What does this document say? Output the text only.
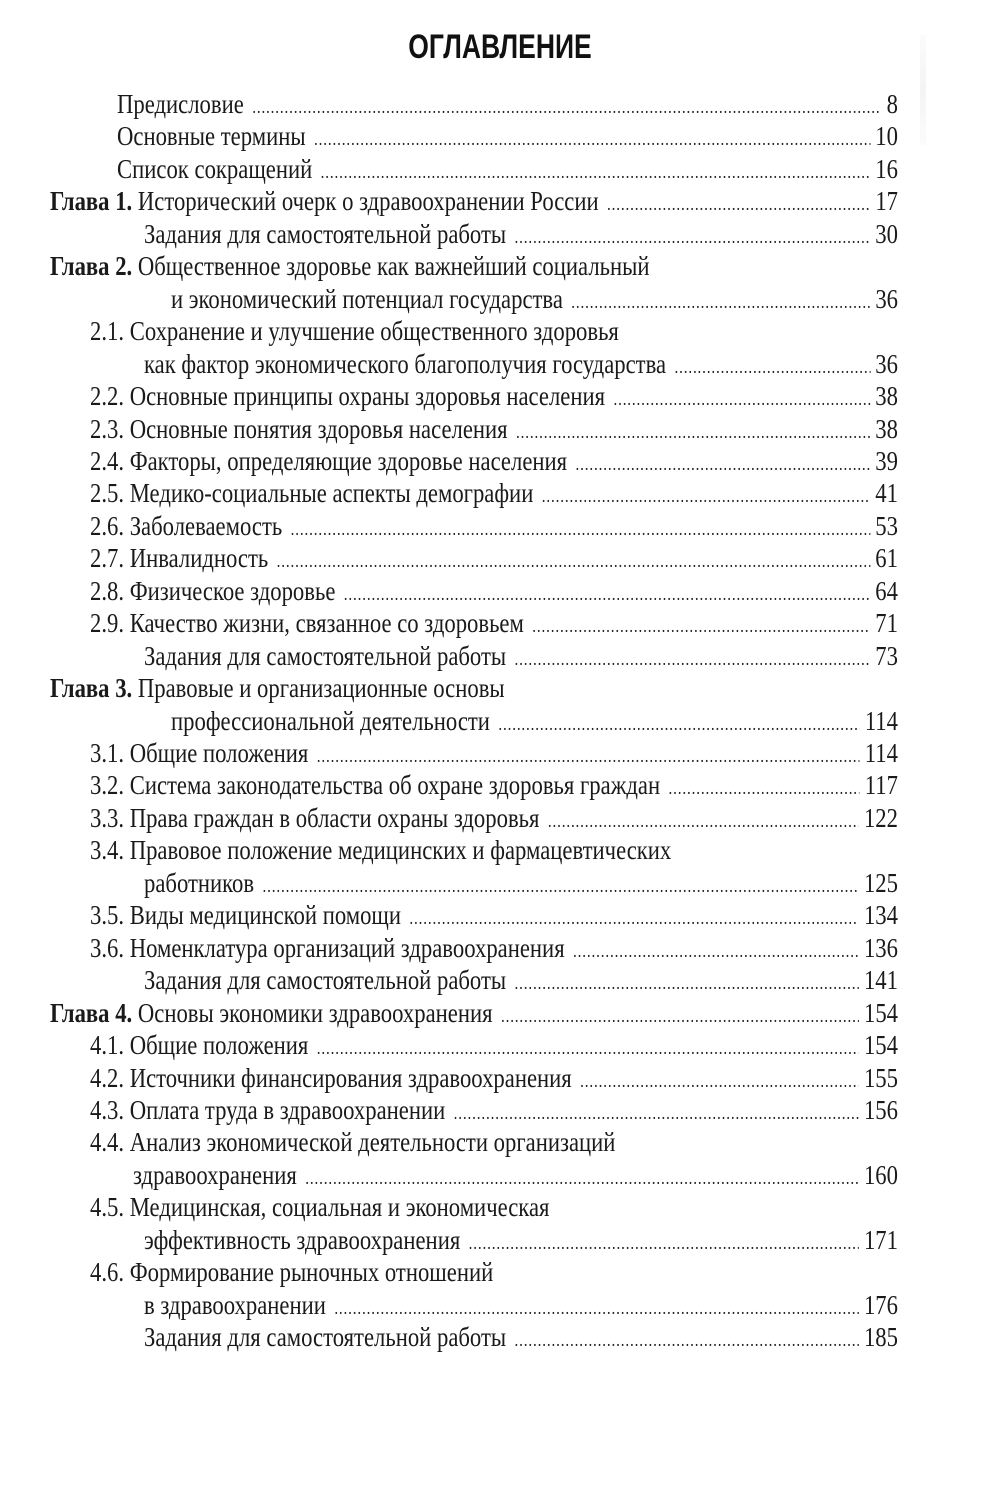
ОГЛАВЛЕНИЕ
Предисловие .....	8
Основные термины .....	10
Список сокращений .....	16
Глава 1. Исторический очерк о здравоохранении России .....	17
Задания для самостоятельной работы .....	30
Глава 2. Общественное здоровье как важнейший социальный
и экономический потенциал государства .....	36
2.1. Сохранение и улучшение общественного здоровья
как фактор экономического благополучия государства .....	36
2.2. Основные принципы охраны здоровья населения .....	38
2.3. Основные понятия здоровья населения .....	38
2.4. Факторы, определяющие здоровье населения .....	39
2.5. Медико-социальные аспекты демографии .....	41
2.6. Заболеваемость .....	53
2.7. Инвалидность .....	61
2.8. Физическое здоровье .....	64
2.9. Качество жизни, связанное со здоровьем .....	71
Задания для самостоятельной работы .....	73
Глава 3. Правовые и организационные основы
профессиональной деятельности .....	114
3.1. Общие положения .....	114
3.2. Система законодательства об охране здоровья граждан .....	117
3.3. Права граждан в области охраны здоровья .....	122
3.4. Правовое положение медицинских и фармацевтических
работников .....	125
3.5. Виды медицинской помощи .....	134
3.6. Номенклатура организаций здравоохранения .....	136
Задания для самостоятельной работы .....	141
Глава 4. Основы экономики здравоохранения .....	154
4.1. Общие положения .....	154
4.2. Источники финансирования здравоохранения .....	155
4.3. Оплата труда в здравоохранении .....	156
4.4. Анализ экономической деятельности организаций
здравоохранения .....	160
4.5. Медицинская, социальная и экономическая
эффективность здравоохранения .....	171
4.6. Формирование рыночных отношений
в здравоохранении .....	176
Задания для самостоятельной работы .....	185
